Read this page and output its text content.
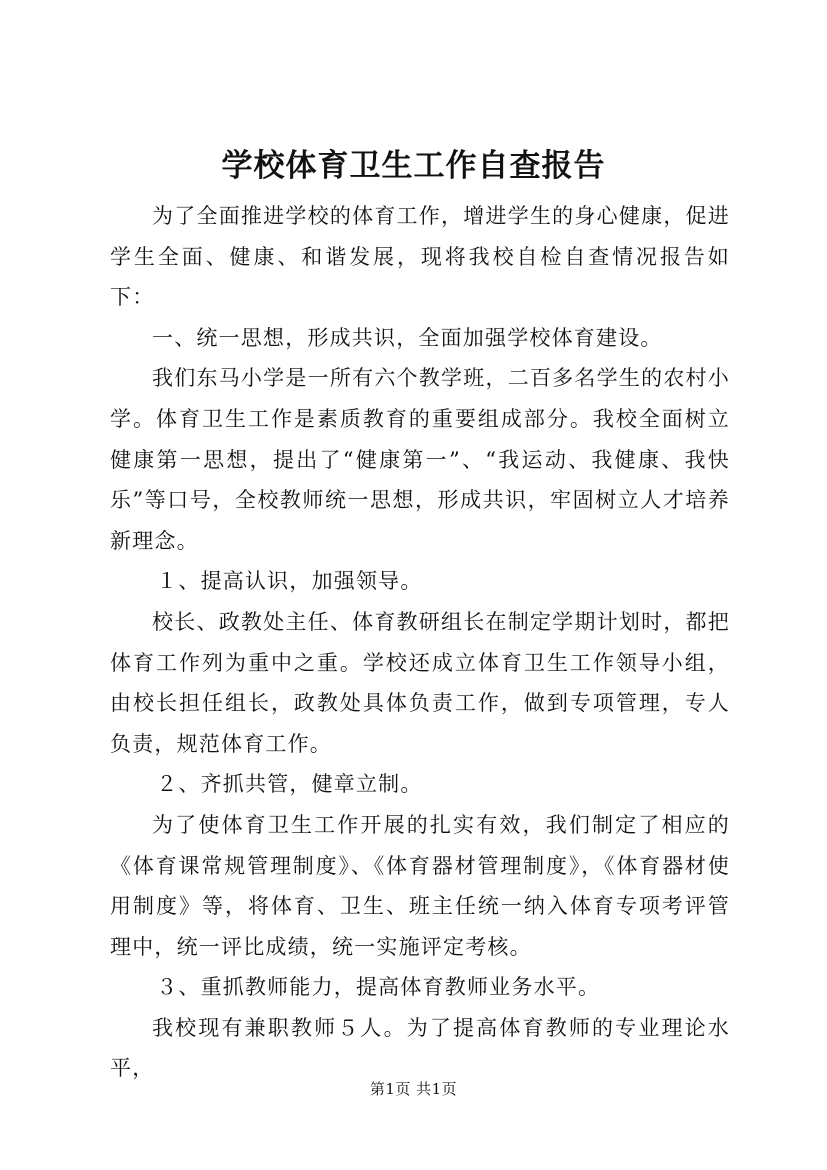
学校体育卫生工作自查报告

为了全面推进学校的体育工作，增进学生的身心健康，促进学生全面、健康、和谐发展，现将我校自检自查情况报告如下：

一、统一思想，形成共识，全面加强学校体育建设。

我们东马小学是一所有六个教学班，二百多名学生的农村小学。体育卫生工作是素质教育的重要组成部分。我校全面树立健康第一思想，提出了“健康第一”、“我运动、我健康、我快乐”等口号，全校教师统一思想，形成共识，牢固树立人才培养新理念。

１、提高认识，加强领导。

校长、政教处主任、体育教研组长在制定学期计划时，都把体育工作列为重中之重。学校还成立体育卫生工作领导小组，由校长担任组长，政教处具体负责工作，做到专项管理，专人负责，规范体育工作。

２、齐抓共管，健章立制。

为了使体育卫生工作开展的扎实有效，我们制定了相应的《体育课常规管理制度》、《体育器材管理制度》，《体育器材使用制度》等，将体育、卫生、班主任统一纳入体育专项考评管理中，统一评比成绩，统一实施评定考核。

３、重抓教师能力，提高体育教师业务水平。

我校现有兼职教师５人。为了提高体育教师的专业理论水平，

第1页 共1页
